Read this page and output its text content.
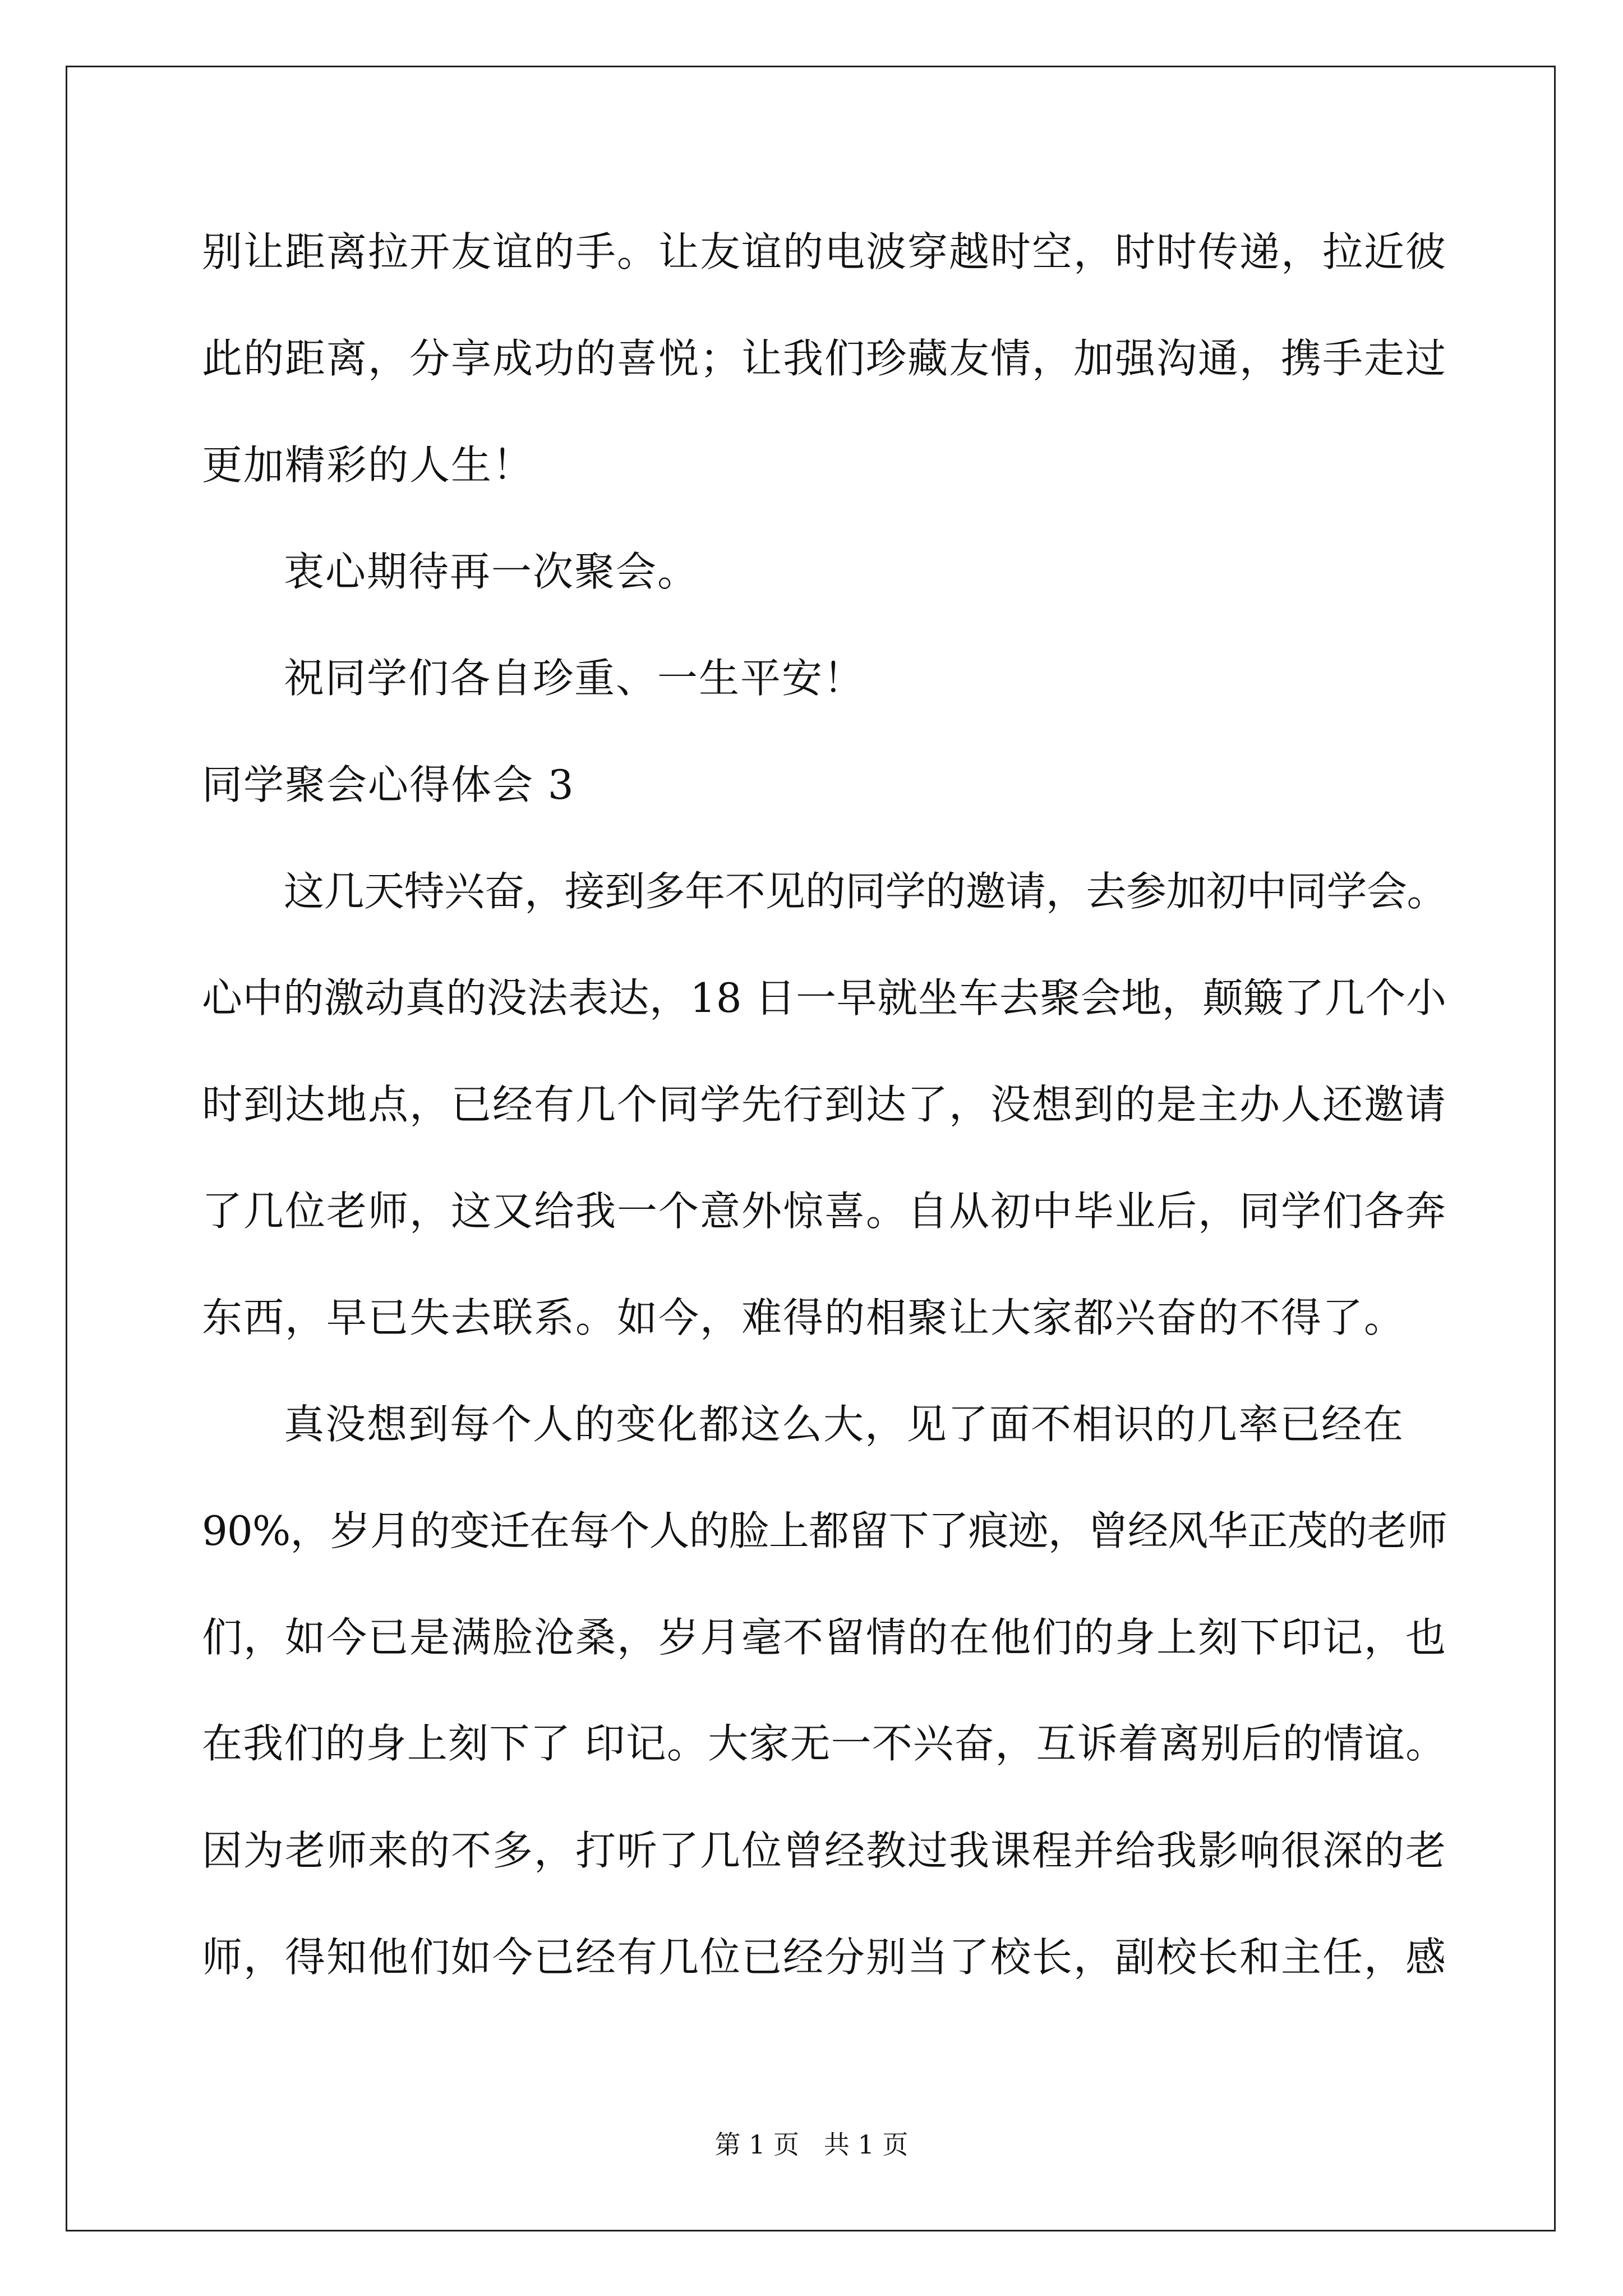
别让距离拉开友谊的手。让友谊的电波穿越时空，时时传递，拉近彼
此的距离，分享成功的喜悦；让我们珍藏友情，加强沟通，携手走过
更加精彩的人生！
衷心期待再一次聚会。
祝同学们各自珍重、一生平安！
同学聚会心得体会 3
这几天特兴奋，接到多年不见的同学的邀请，去参加初中同学会。
心中的激动真的没法表达，18 日一早就坐车去聚会地，颠簸了几个小
时到达地点，已经有几个同学先行到达了，没想到的是主办人还邀请
了几位老师，这又给我一个意外惊喜。自从初中毕业后，同学们各奔
东西，早已失去联系。如今，难得的相聚让大家都兴奋的不得了。
真没想到每个人的变化都这么大，见了面不相识的几率已经在
90%，岁月的变迁在每个人的脸上都留下了痕迹，曾经风华正茂的老师
们，如今已是满脸沧桑，岁月毫不留情的在他们的身上刻下印记，也
在我们的身上刻下了 印记。大家无一不兴奋，互诉着离别后的情谊。
因为老师来的不多，打听了几位曾经教过我课程并给我影响很深的老
师，得知他们如今已经有几位已经分别当了校长，副校长和主任，感
第 1 页   共 1 页
